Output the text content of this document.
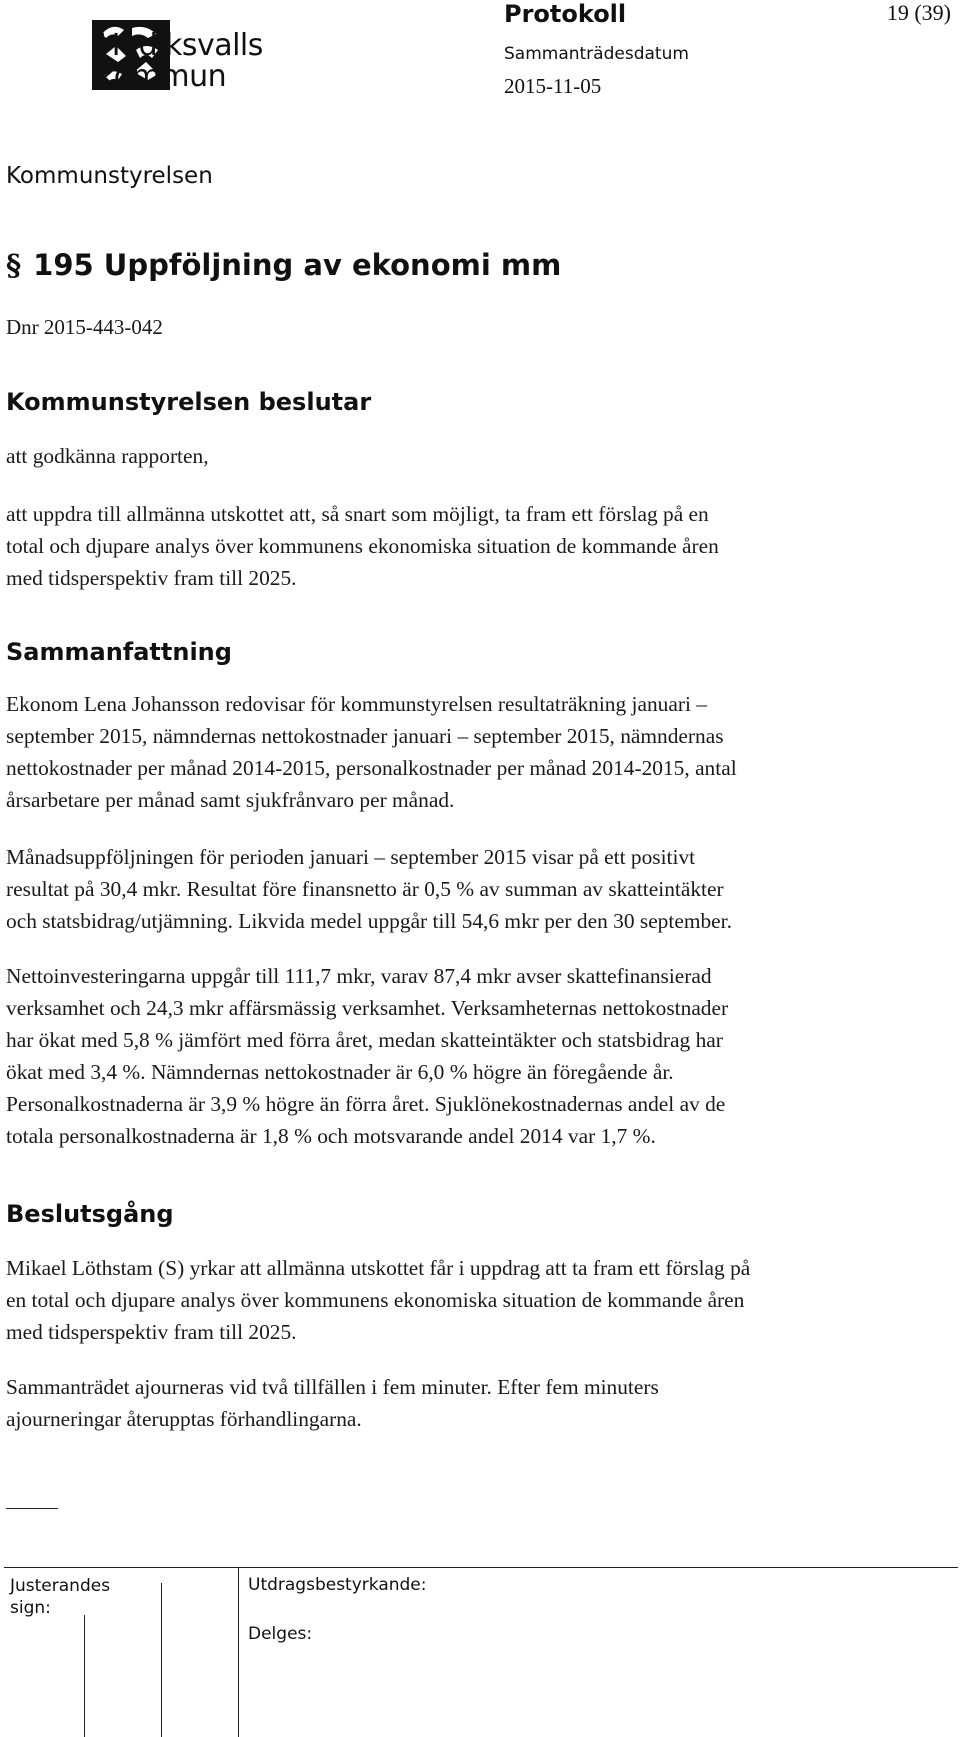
Hudiksvalls
kommun
Protokoll	19 (39)
Sammanträdesdatum
2015-11-05
Kommunstyrelsen
§ 195 Uppföljning av ekonomi mm
Dnr 2015-443-042
Kommunstyrelsen beslutar
att godkänna rapporten,
att uppdra till allmänna utskottet att, så snart som möjligt, ta fram ett förslag på en
total och djupare analys över kommunens ekonomiska situation de kommande åren
med tidsperspektiv fram till 2025.
Sammanfattning
Ekonom Lena Johansson redovisar för kommunstyrelsen resultaträkning januari –
september 2015, nämndernas nettokostnader januari – september 2015, nämndernas
nettokostnader per månad 2014-2015, personalkostnader per månad 2014-2015, antal
årsarbetare per månad samt sjukfrånvaro per månad.
Månadsuppföljningen för perioden januari – september 2015 visar på ett positivt
resultat på 30,4 mkr. Resultat före finansnetto är 0,5 % av summan av skatteintäkter
och statsbidrag/utjämning. Likvida medel uppgår till 54,6 mkr per den 30 september.
Nettoinvesteringarna uppgår till 111,7 mkr, varav 87,4 mkr avser skattefinansierad
verksamhet och 24,3 mkr affärsmässig verksamhet. Verksamheternas nettokostnader
har ökat med 5,8 % jämfört med förra året, medan skatteintäkter och statsbidrag har
ökat med 3,4 %. Nämndernas nettokostnader är 6,0 % högre än föregående år.
Personalkostnaderna är 3,9 % högre än förra året. Sjuklönekostnadernas andel av de
totala personalkostnaderna är 1,8 % och motsvarande andel 2014 var 1,7 %.
Beslutsgång
Mikael Löthstam (S) yrkar att allmänna utskottet får i uppdrag att ta fram ett förslag på
en total och djupare analys över kommunens ekonomiska situation de kommande åren
med tidsperspektiv fram till 2025.
Sammanträdet ajourneras vid två tillfällen i fem minuter. Efter fem minuters
ajourneringar återupptas förhandlingarna.
Justerandes
sign:
Utdragsbestyrkande:
Delges:
